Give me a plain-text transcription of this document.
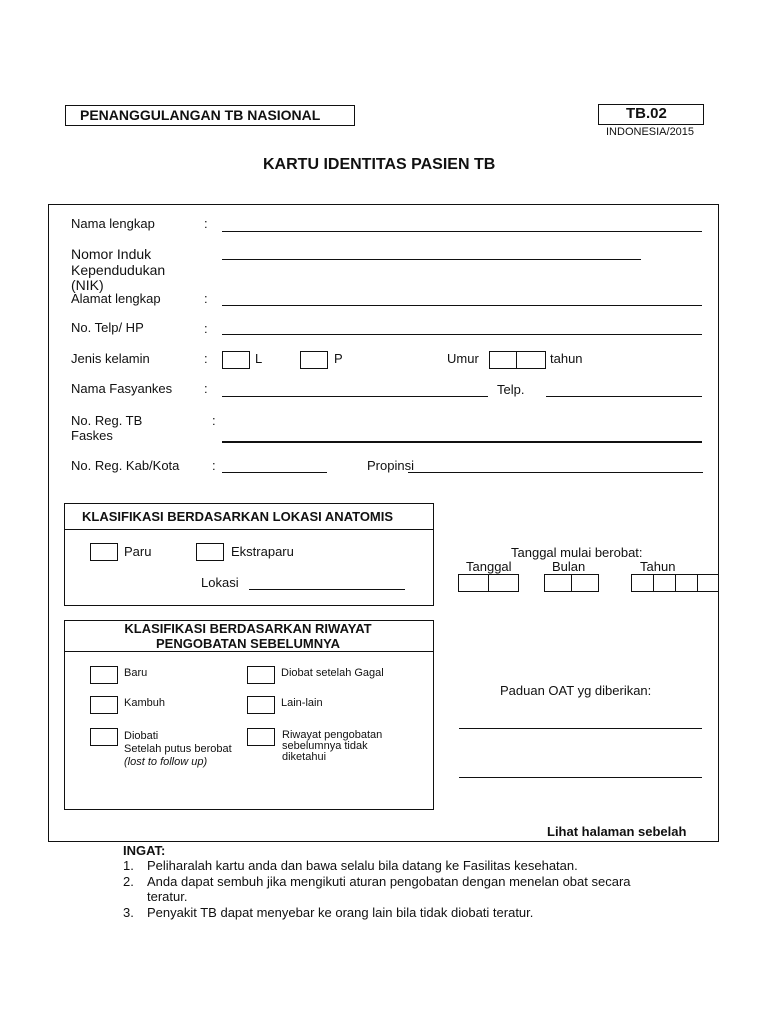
PENANGGULANGAN TB NASIONAL	TB.02
INDONESIA/2015
KARTU IDENTITAS PASIEN TB
Nama lengkap	:
Nomor Induk
Kependudukan
(NIK)
Alamat lengkap	:
No. Telp/ HP	:
Jenis kelamin	:	L	P	Umur	tahun
Nama Fasyankes :	Telp.
No. Reg. TB
Faskes
:
No. Reg. Kab/Kota	:	Propinsi
KLASIFIKASI BERDASARKAN LOKASI ANATOMIS
Paru	Ekstraparu
Lokasi
Tanggal mulai berobat:
Tanggal	Bulan	Tahun
KLASIFIKASI BERDASARKAN RIWAYAT
PENGOBATAN SEBELUMNYA
Baru	Diobat setelah Gagal
Kambuh	Lain-lain
Diobati
Setelah putus berobat
(lost to follow up)
Riwayat pengobatan
sebelumnya tidak
diketahui
Paduan OAT yg diberikan:
Lihat halaman sebelah
INGAT:
1. Peliharalah kartu anda dan bawa selalu bila datang ke Fasilitas kesehatan.
2. Anda dapat sembuh jika mengikuti aturan pengobatan dengan menelan obat secara
teratur.
3. Penyakit TB dapat menyebar ke orang lain bila tidak diobati teratur.
